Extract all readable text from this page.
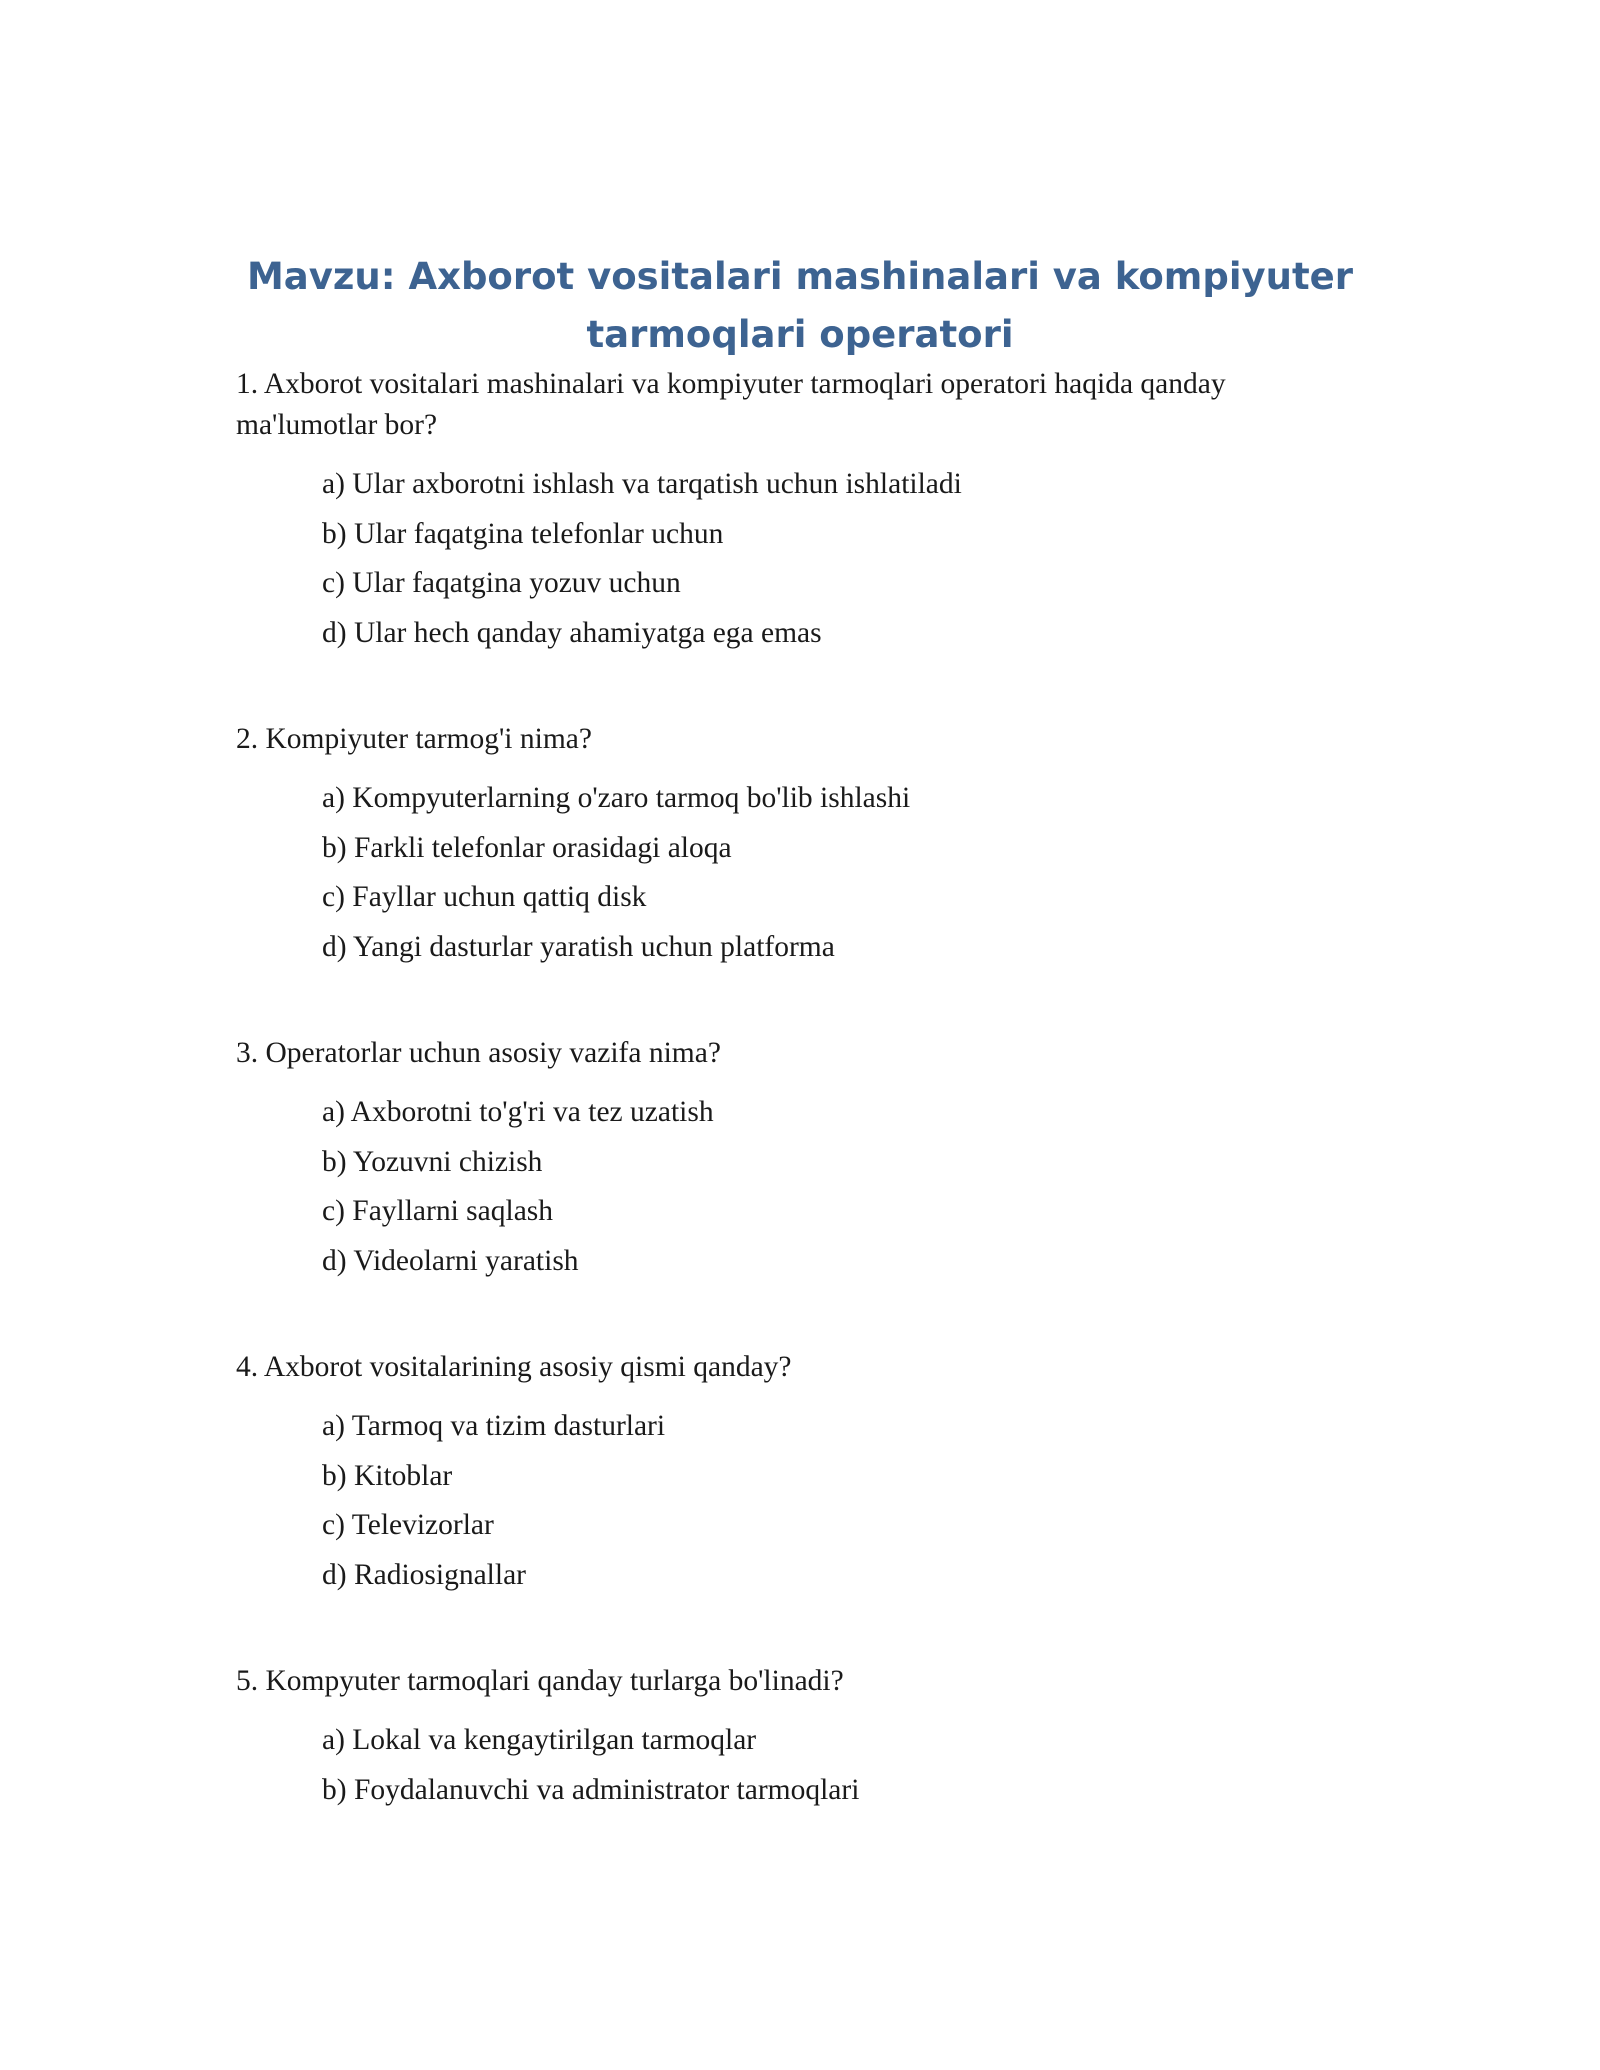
Mavzu: Axborot vositalari mashinalari va kompiyuter tarmoqlari operatori

1. Axborot vositalari mashinalari va kompiyuter tarmoqlari operatori haqida qanday ma'lumotlar bor?

a) Ular axborotni ishlash va tarqatish uchun ishlatiladi
b) Ular faqatgina telefonlar uchun
c) Ular faqatgina yozuv uchun
d) Ular hech qanday ahamiyatga ega emas

2. Kompiyuter tarmog'i nima?

a) Kompyuterlarning o'zaro tarmoq bo'lib ishlashi
b) Farkli telefonlar orasidagi aloqa
c) Fayllar uchun qattiq disk
d) Yangi dasturlar yaratish uchun platforma

3. Operatorlar uchun asosiy vazifa nima?

a) Axborotni to'g'ri va tez uzatish
b) Yozuvni chizish
c) Fayllarni saqlash
d) Videolarni yaratish

4. Axborot vositalarining asosiy qismi qanday?

a) Tarmoq va tizim dasturlari
b) Kitoblar
c) Televizorlar
d) Radiosignallar

5. Kompyuter tarmoqlari qanday turlarga bo'linadi?

a) Lokal va kengaytirilgan tarmoqlar
b) Foydalanuvchi va administrator tarmoqlari
